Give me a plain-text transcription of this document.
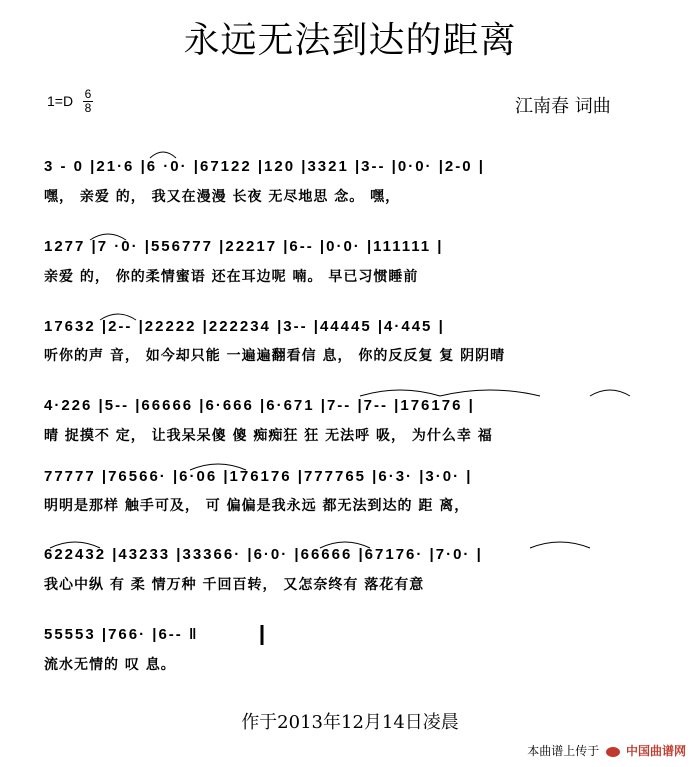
永远无法到达的距离
1=D 6
8	江南春 词曲
3 - 0 |21·6 |6 ·0· |67122 |120 |3321 |3-- |0·0· |2-0 |
嘿， 亲爱 的， 我又在漫漫 长夜 无尽地思 念。 嘿，
1277 |7 ·0· |556777 |22217 |6-- |0·0· |111111 |
亲爱 的， 你的柔情蜜语 还在耳边呢 喃。 早已习惯睡前
17632 |2-- |22222 |222234 |3-- |44445 |4·445 |
听你的声 音， 如今却只能 一遍遍翻看信 息， 你的反反复 复 阴阴晴
4·226 |5-- |66666 |6·666 |6·671 |7-- |7-- |176176 |
晴 捉摸不 定， 让我呆呆傻 傻 痴痴狂 狂 无法呼 吸， 为什么幸 福
77777 |76566· |6·06 |176176 |777765 |6·3· |3·0· |
明明是那样 触手可及， 可 偏偏是我永远 都无法到达的 距 离，
622432 |43233 |33366· |6·0· |66666 |67176· |7·0· |
我心中纵 有 柔 情万种 千回百转， 又怎奈终有 落花有意
55553 |766· |6-- ‖
流水无情的 叹 息。
作于2013年12月14日凌晨
本曲谱上传于 中国曲谱网
